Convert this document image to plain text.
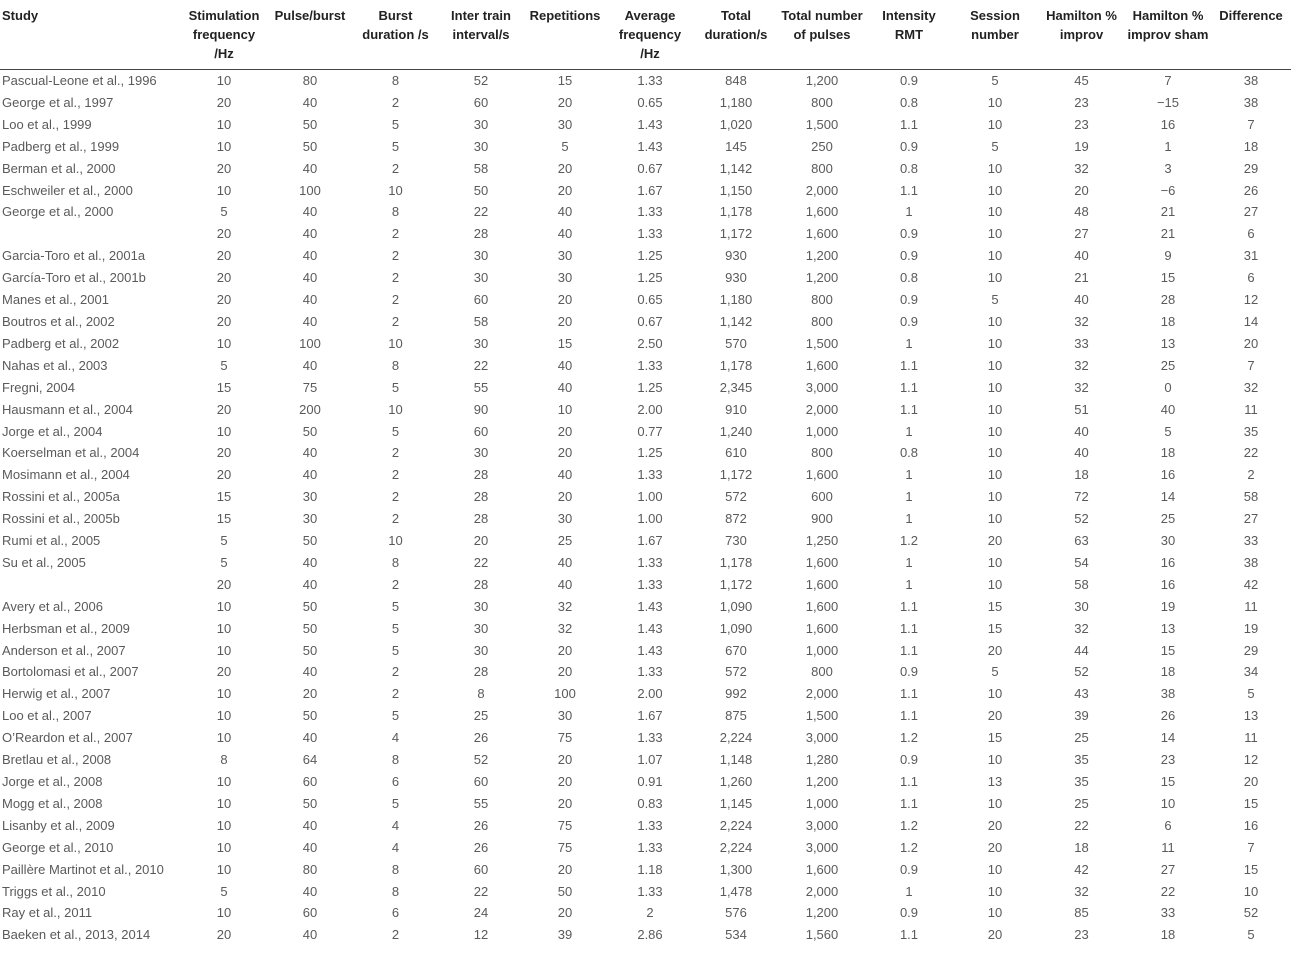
Study	Stimulation frequency /Hz	Pulse/burst	Burst duration /s	Inter train interval/s	Repetitions	Average frequency /Hz	Total duration/s	Total number of pulses	Intensity RMT	Session number	Hamilton % improv	Hamilton % improv sham	Difference
Pascual-Leone et al., 1996	10	80	8	52	15	1.33	848	1,200	0.9	5	45	7	38
George et al., 1997	20	40	2	60	20	0.65	1,180	800	0.8	10	23	−15	38
Loo et al., 1999	10	50	5	30	30	1.43	1,020	1,500	1.1	10	23	16	7
Padberg et al., 1999	10	50	5	30	5	1.43	145	250	0.9	5	19	1	18
Berman et al., 2000	20	40	2	58	20	0.67	1,142	800	0.8	10	32	3	29
Eschweiler et al., 2000	10	100	10	50	20	1.67	1,150	2,000	1.1	10	20	−6	26
George et al., 2000	5	40	8	22	40	1.33	1,178	1,600	1	10	48	21	27
	20	40	2	28	40	1.33	1,172	1,600	0.9	10	27	21	6
Garcia-Toro et al., 2001a	20	40	2	30	30	1.25	930	1,200	0.9	10	40	9	31
García-Toro et al., 2001b	20	40	2	30	30	1.25	930	1,200	0.8	10	21	15	6
Manes et al., 2001	20	40	2	60	20	0.65	1,180	800	0.9	5	40	28	12
Boutros et al., 2002	20	40	2	58	20	0.67	1,142	800	0.9	10	32	18	14
Padberg et al., 2002	10	100	10	30	15	2.50	570	1,500	1	10	33	13	20
Nahas et al., 2003	5	40	8	22	40	1.33	1,178	1,600	1.1	10	32	25	7
Fregni, 2004	15	75	5	55	40	1.25	2,345	3,000	1.1	10	32	0	32
Hausmann et al., 2004	20	200	10	90	10	2.00	910	2,000	1.1	10	51	40	11
Jorge et al., 2004	10	50	5	60	20	0.77	1,240	1,000	1	10	40	5	35
Koerselman et al., 2004	20	40	2	30	20	1.25	610	800	0.8	10	40	18	22
Mosimann et al., 2004	20	40	2	28	40	1.33	1,172	1,600	1	10	18	16	2
Rossini et al., 2005a	15	30	2	28	20	1.00	572	600	1	10	72	14	58
Rossini et al., 2005b	15	30	2	28	30	1.00	872	900	1	10	52	25	27
Rumi et al., 2005	5	50	10	20	25	1.67	730	1,250	1.2	20	63	30	33
Su et al., 2005	5	40	8	22	40	1.33	1,178	1,600	1	10	54	16	38
	20	40	2	28	40	1.33	1,172	1,600	1	10	58	16	42
Avery et al., 2006	10	50	5	30	32	1.43	1,090	1,600	1.1	15	30	19	11
Herbsman et al., 2009	10	50	5	30	32	1.43	1,090	1,600	1.1	15	32	13	19
Anderson et al., 2007	10	50	5	30	20	1.43	670	1,000	1.1	20	44	15	29
Bortolomasi et al., 2007	20	40	2	28	20	1.33	572	800	0.9	5	52	18	34
Herwig et al., 2007	10	20	2	8	100	2.00	992	2,000	1.1	10	43	38	5
Loo et al., 2007	10	50	5	25	30	1.67	875	1,500	1.1	20	39	26	13
O’Reardon et al., 2007	10	40	4	26	75	1.33	2,224	3,000	1.2	15	25	14	11
Bretlau et al., 2008	8	64	8	52	20	1.07	1,148	1,280	0.9	10	35	23	12
Jorge et al., 2008	10	60	6	60	20	0.91	1,260	1,200	1.1	13	35	15	20
Mogg et al., 2008	10	50	5	55	20	0.83	1,145	1,000	1.1	10	25	10	15
Lisanby et al., 2009	10	40	4	26	75	1.33	2,224	3,000	1.2	20	22	6	16
George et al., 2010	10	40	4	26	75	1.33	2,224	3,000	1.2	20	18	11	7
Paillère Martinot et al., 2010	10	80	8	60	20	1.18	1,300	1,600	0.9	10	42	27	15
Triggs et al., 2010	5	40	8	22	50	1.33	1,478	2,000	1	10	32	22	10
Ray et al., 2011	10	60	6	24	20	2	576	1,200	0.9	10	85	33	52
Baeken et al., 2013, 2014	20	40	2	12	39	2.86	534	1,560	1.1	20	23	18	5
